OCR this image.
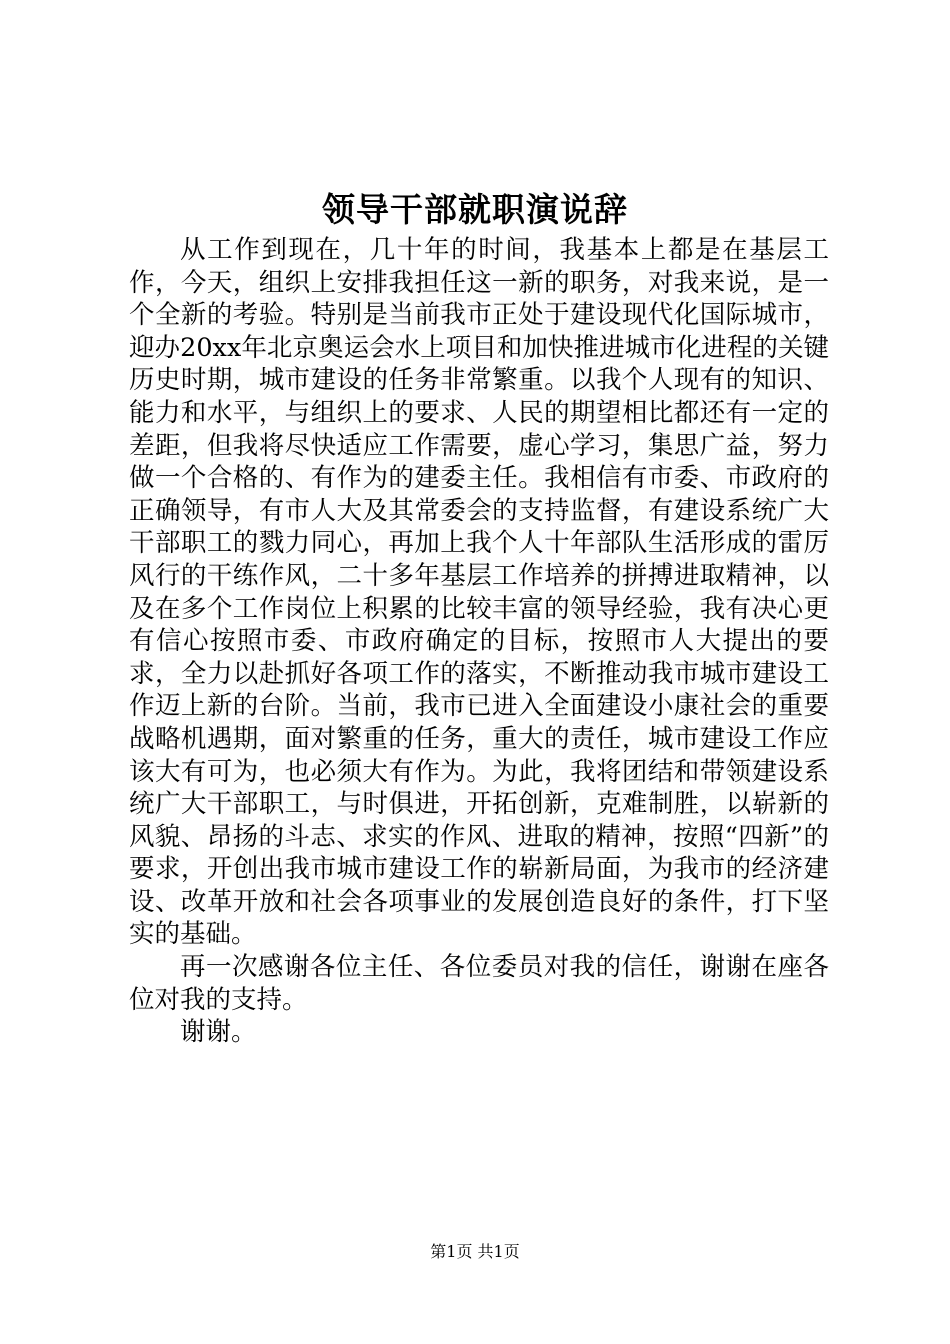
领导干部就职演说辞

从工作到现在，几十年的时间，我基本上都是在基层工作，今天，组织上安排我担任这一新的职务，对我来说，是一个全新的考验。特别是当前我市正处于建设现代化国际城市，迎办20xx年北京奥运会水上项目和加快推进城市化进程的关键历史时期，城市建设的任务非常繁重。以我个人现有的知识、能力和水平，与组织上的要求、人民的期望相比都还有一定的差距，但我将尽快适应工作需要，虚心学习，集思广益，努力做一个合格的、有作为的建委主任。我相信有市委、市政府的正确领导，有市人大及其常委会的支持监督，有建设系统广大干部职工的戮力同心，再加上我个人十年部队生活形成的雷厉风行的干练作风，二十多年基层工作培养的拼搏进取精神，以及在多个工作岗位上积累的比较丰富的领导经验，我有决心更有信心按照市委、市政府确定的目标，按照市人大提出的要求，全力以赴抓好各项工作的落实，不断推动我市城市建设工作迈上新的台阶。当前，我市已进入全面建设小康社会的重要战略机遇期，面对繁重的任务，重大的责任，城市建设工作应该大有可为，也必须大有作为。为此，我将团结和带领建设系统广大干部职工，与时俱进，开拓创新，克难制胜，以崭新的风貌、昂扬的斗志、求实的作风、进取的精神，按照“四新”的要求，开创出我市城市建设工作的崭新局面，为我市的经济建设、改革开放和社会各项事业的发展创造良好的条件，打下坚实的基础。

再一次感谢各位主任、各位委员对我的信任，谢谢在座各位对我的支持。

谢谢。

第1页 共1页
